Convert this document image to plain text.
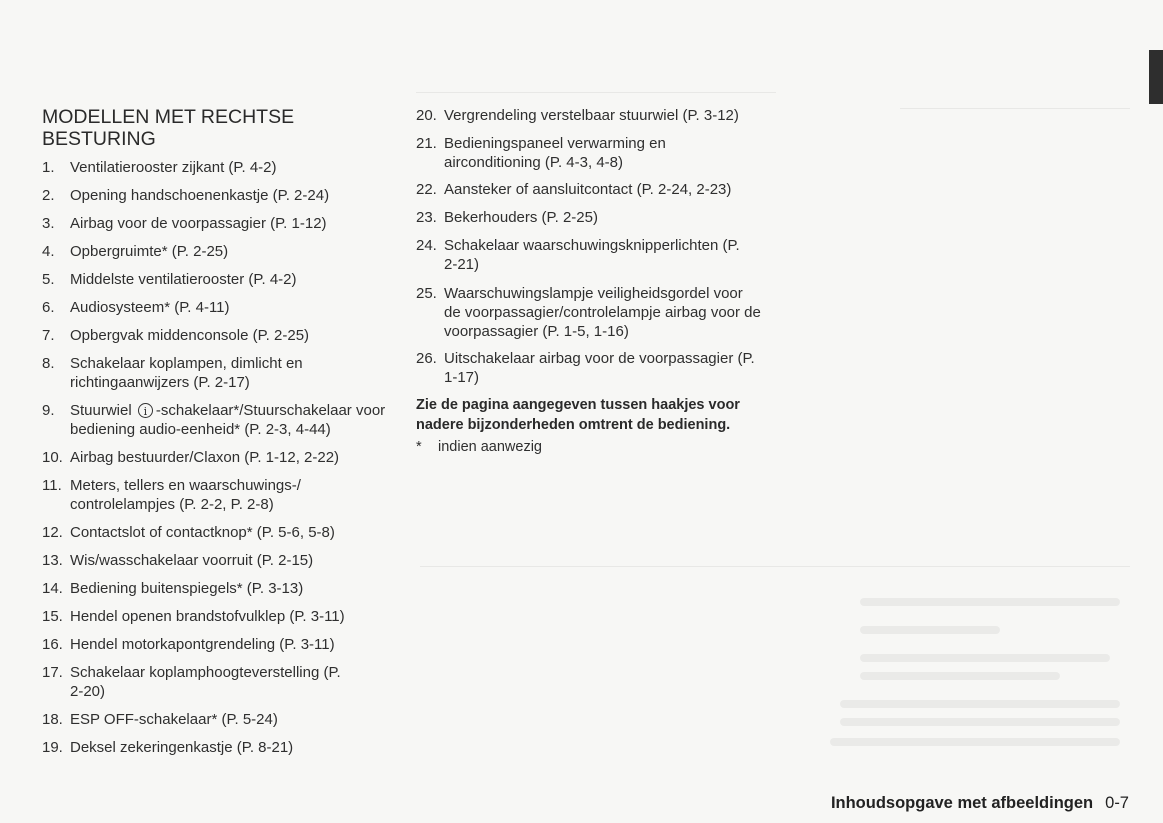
MODELLEN MET RECHTSE BESTURING
1.	Ventilatierooster zijkant (P. 4-2)
2.	Opening handschoenenkastje (P. 2-24)
3.	Airbag voor de voorpassagier (P. 1-12)
4.	Opbergruimte* (P. 2-25)
5.	Middelste ventilatierooster (P. 4-2)
6.	Audiosysteem* (P. 4-11)
7.	Opbergvak middenconsole (P. 2-25)
8.	Schakelaar koplampen, dimlicht en richtingaanwijzers (P. 2-17)
9.	Stuurwiel i -schakelaar*/Stuurschakelaar voor bediening audio-eenheid* (P. 2-3, 4-44)
10. Airbag bestuurder/Claxon (P. 1-12, 2-22)
11. Meters, tellers en waarschuwings-/ controlelampjes (P. 2-2, P. 2-8)
12. Contactslot of contactknop* (P. 5-6, 5-8)
13. Wis/wasschakelaar voorruit (P. 2-15)
14. Bediening buitenspiegels* (P. 3-13)
15. Hendel openen brandstofvulklep (P. 3-11)
16. Hendel motorkapontgrendeling (P. 3-11)
17. Schakelaar koplamphoogteverstelling (P. 2-20)
18. ESP OFF-schakelaar* (P. 5-24)
19. Deksel zekeringenkastje (P. 8-21)
20. Vergrendeling verstelbaar stuurwiel (P. 3-12)
21. Bedieningspaneel verwarming en airconditioning (P. 4-3, 4-8)
22. Aansteker of aansluitcontact (P. 2-24, 2-23)
23. Bekerhouders (P. 2-25)
24. Schakelaar waarschuwingsknipperlichten (P. 2-21)
25. Waarschuwingslampje veiligheidsgordel voor de voorpassagier/controlelampje airbag voor de voorpassagier (P. 1-5, 1-16)
26. Uitschakelaar airbag voor de voorpassagier (P. 1-17)

Zie de pagina aangegeven tussen haakjes voor nadere bijzonderheden omtrent de bediening.

* indien aanwezig
Inhoudsopgave met afbeeldingen 0-7
